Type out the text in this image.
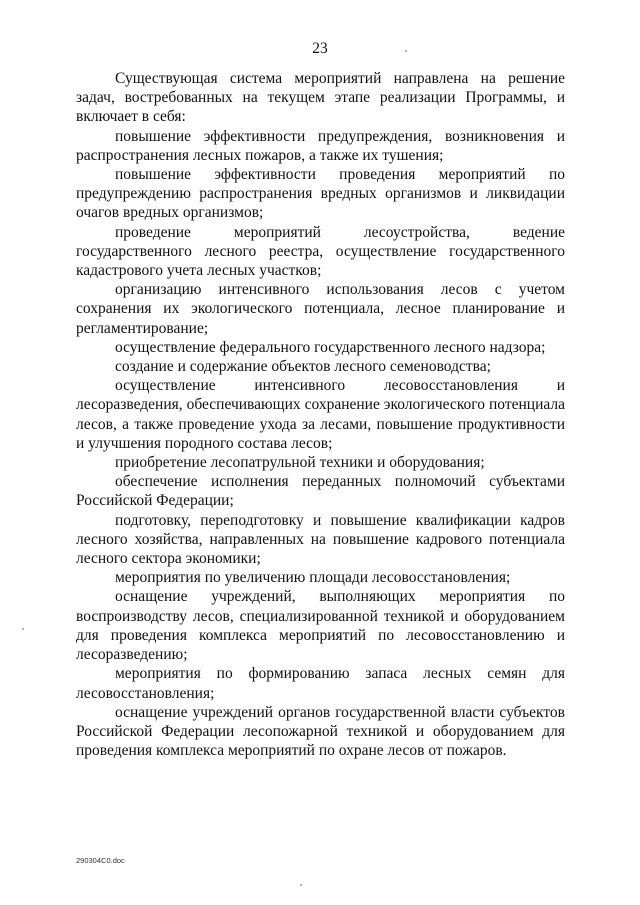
23

Существующая система мероприятий направлена на решение задач, востребованных на текущем этапе реализации Программы, и включает в себя:

повышение эффективности предупреждения, возникновения и распространения лесных пожаров, а также их тушения;

повышение эффективности проведения мероприятий по предупреждению распространения вредных организмов и ликвидации очагов вредных организмов;

проведение мероприятий лесоустройства, ведение государственного лесного реестра, осуществление государственного кадастрового учета лесных участков;

организацию интенсивного использования лесов с учетом сохранения их экологического потенциала, лесное планирование и регламентирование;

осуществление федерального государственного лесного надзора;

создание и содержание объектов лесного семеноводства;

осуществление интенсивного лесовосстановления и лесоразведения, обеспечивающих сохранение экологического потенциала лесов, а также проведение ухода за лесами, повышение продуктивности и улучшения породного состава лесов;

приобретение лесопатрульной техники и оборудования;

обеспечение исполнения переданных полномочий субъектами Российской Федерации;

подготовку, переподготовку и повышение квалификации кадров лесного хозяйства, направленных на повышение кадрового потенциала лесного сектора экономики;

мероприятия по увеличению площади лесовосстановления;

оснащение учреждений, выполняющих мероприятия по воспроизводству лесов, специализированной техникой и оборудованием для проведения комплекса мероприятий по лесовосстановлению и лесоразведению;

мероприятия по формированию запаса лесных семян для лесовосстановления;

оснащение учреждений органов государственной власти субъектов Российской Федерации лесопожарной техникой и оборудованием для проведения комплекса мероприятий по охране лесов от пожаров.

290304C0.doc
